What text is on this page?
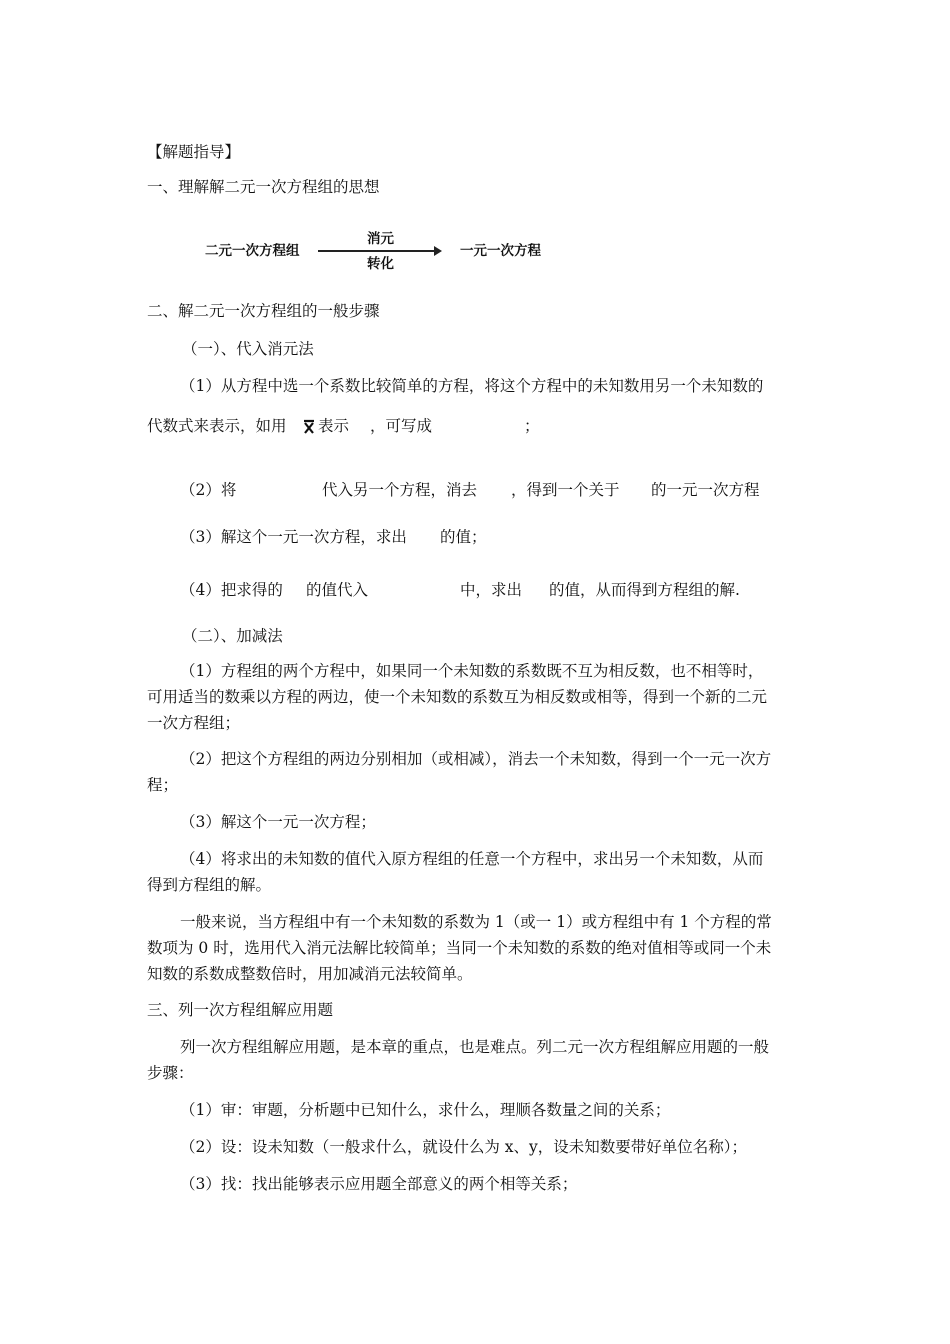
【解题指导】
一、理解解二元一次方程组的思想
二元一次方程组
消元
转化
一元一次方程
二、解二元一次方程组的一般步骤
（一）、代入消元法
（1）从方程中选一个系数比较简单的方程，将这个方程中的未知数用另一个未知数的
代数式来表示，如用 表示 ，可写成	；
（2）将	代入另一个方程，消去 ，得到一个关于 的一元一次方程
（3）解这个一元一次方程，求出 的值；
（4）把求得的 的值代入	中，求出 的值，从而得到方程组的解.
（二）、加减法
（1）方程组的两个方程中，如果同一个未知数的系数既不互为相反数，也不相等时，
可用适当的数乘以方程的两边，使一个未知数的系数互为相反数或相等，得到一个新的二元
一次方程组；
（2）把这个方程组的两边分别相加（或相减），消去一个未知数，得到一个一元一次方
程；
（3）解这个一元一次方程；
（4）将求出的未知数的值代入原方程组的任意一个方程中，求出另一个未知数，从而
得到方程组的解。
一般来说，当方程组中有一个未知数的系数为 1（或一 1）或方程组中有 1 个方程的常
数项为 0 时，选用代入消元法解比较简单；当同一个未知数的系数的绝对值相等或同一个未
知数的系数成整数倍时，用加减消元法较简单。
三、列一次方程组解应用题
列一次方程组解应用题，是本章的重点，也是难点。列二元一次方程组解应用题的一般
步骤：
（1）审：审题，分析题中已知什么，求什么，理顺各数量之间的关系；
（2）设：设未知数（一般求什么，就设什么为 x、y，设未知数要带好单位名称）；
（3）找：找出能够表示应用题全部意义的两个相等关系；
